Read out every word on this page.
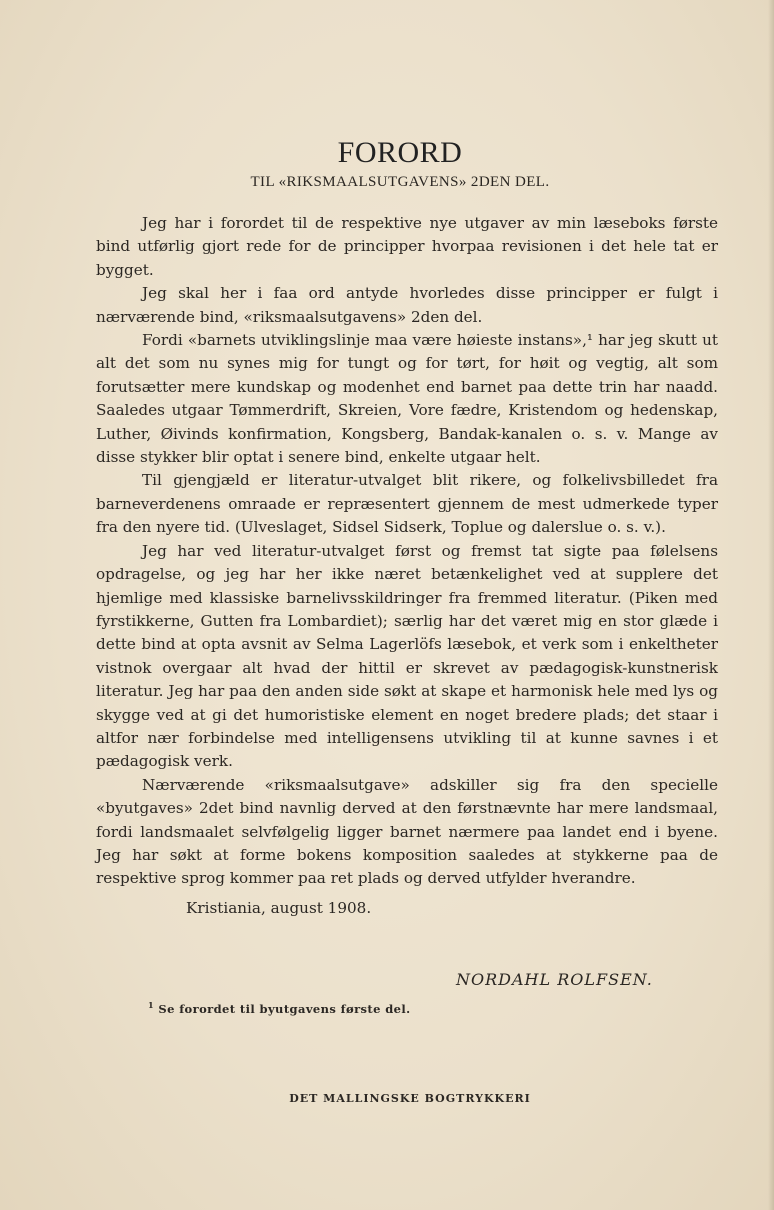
FORORD
TIL «RIKSMAALSUTGAVENS» 2DEN DEL.

Jeg har i forordet til de respektive nye utgaver av min læseboks første bind utførlig gjort rede for de principper hvorpaa revisionen i det hele tat er bygget.

Jeg skal her i faa ord antyde hvorledes disse principper er fulgt i nærværende bind, «riksmaalsutgavens» 2den del.

Fordi «barnets utviklingslinje maa være høieste instans»,¹ har jeg skutt ut alt det som nu synes mig for tungt og for tørt, for høit og vegtig, alt som forutsætter mere kundskap og modenhet end barnet paa dette trin har naadd. Saaledes utgaar Tømmerdrift, Skreien, Vore fædre, Kristendom og hedenskap, Luther, Øivinds konfirmation, Kongsberg, Bandak-kanalen o. s. v. Mange av disse stykker blir optat i senere bind, enkelte utgaar helt.

Til gjengjæld er literatur-utvalget blit rikere, og folkelivsbilledet fra barneverdenens omraade er repræsentert gjennem de mest udmerkede typer fra den nyere tid. (Ulveslaget, Sidsel Sidserk, Toplue og dalerslue o. s. v.).

Jeg har ved literatur-utvalget først og fremst tat sigte paa følelsens opdragelse, og jeg har her ikke næret betænkelighet ved at supplere det hjemlige med klassiske barnelivsskildringer fra fremmed literatur. (Piken med fyrstikkerne, Gutten fra Lombardiet); særlig har det været mig en stor glæde i dette bind at opta avsnit av Selma Lagerlöfs læsebok, et verk som i enkeltheter vistnok overgaar alt hvad der hittil er skrevet av pædagogisk-kunstnerisk literatur. Jeg har paa den anden side søkt at skape et harmonisk hele med lys og skygge ved at gi det humoristiske element en noget bredere plads; det staar i altfor nær forbindelse med intelligensens utvikling til at kunne savnes i et pædagogisk verk.

Nærværende «riksmaalsutgave» adskiller sig fra den specielle «byutgaves» 2det bind navnlig derved at den førstnævnte har mere landsmaal, fordi landsmaalet selvfølgelig ligger barnet nærmere paa landet end i byene. Jeg har søkt at forme bokens komposition saaledes at stykkerne paa de respektive sprog kommer paa ret plads og derved utfylder hverandre.

Kristiania, august 1908.
NORDAHL ROLFSEN.
$^1$ Se forordet til byutgavens første del.
DET MALLINGSKE BOGTRYKKERI
